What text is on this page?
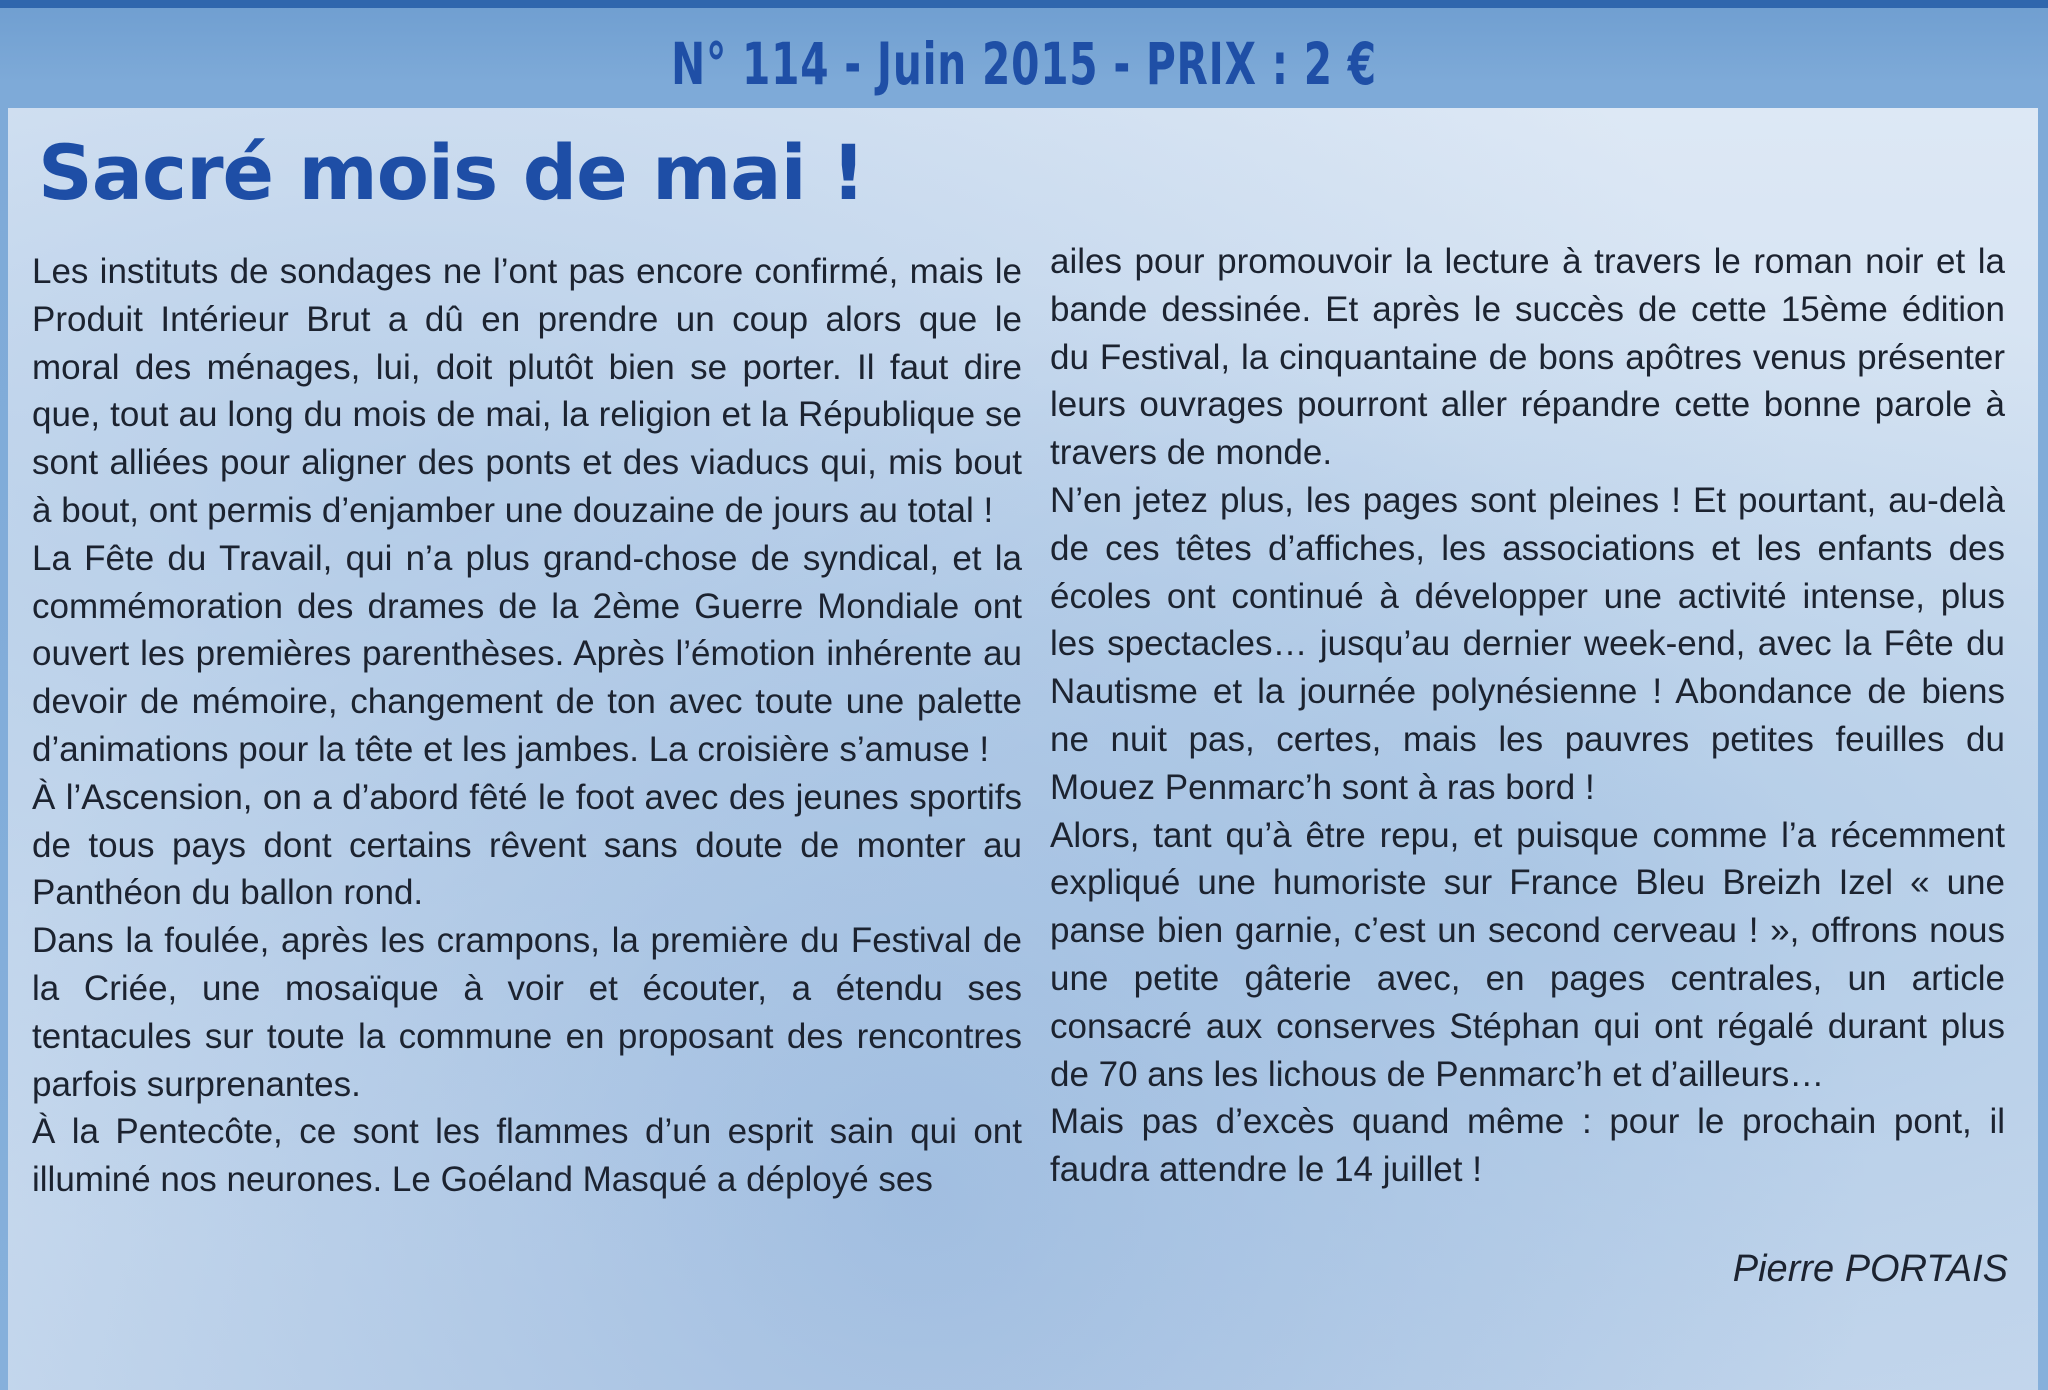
N° 114 - Juin 2015 - PRIX : 2 €
Sacré mois de mai !

Les instituts de sondages ne l’ont pas encore confirmé, mais le Produit Intérieur Brut a dû en prendre un coup alors que le moral des ménages, lui, doit plutôt bien se porter. Il faut dire que, tout au long du mois de mai, la religion et la République se sont alliées pour aligner des ponts et des viaducs qui, mis bout à bout, ont permis d’enjamber une douzaine de jours au total !

La Fête du Travail, qui n’a plus grand-chose de syndical, et la commémoration des drames de la 2ème Guerre Mondiale ont ouvert les premières parenthèses. Après l’émotion inhérente au devoir de mémoire, changement de ton avec toute une palette d’animations pour la tête et les jambes. La croisière s’amuse !

À l’Ascension, on a d’abord fêté le foot avec des jeunes sportifs de tous pays dont certains rêvent sans doute de monter au Panthéon du ballon rond.

Dans la foulée, après les crampons, la première du Festival de la Criée, une mosaïque à voir et écouter, a étendu ses tentacules sur toute la commune en proposant des rencontres parfois surprenantes.

À la Pentecôte, ce sont les flammes d’un esprit sain qui ont illuminé nos neurones. Le Goéland Masqué a déployé ses

ailes pour promouvoir la lecture à travers le roman noir et la bande dessinée. Et après le succès de cette 15ème édition du Festival, la cinquantaine de bons apôtres venus présenter leurs ouvrages pourront aller répandre cette bonne parole à travers de monde.

N’en jetez plus, les pages sont pleines ! Et pourtant, au-delà de ces têtes d’affiches, les associations et les enfants des écoles ont continué à développer une activité intense, plus les spectacles… jusqu’au dernier week-end, avec la Fête du Nautisme et la journée polynésienne ! Abondance de biens ne nuit pas, certes, mais les pauvres petites feuilles du Mouez Penmarc’h sont à ras bord !

Alors, tant qu’à être repu, et puisque comme l’a récemment expliqué une humoriste sur France Bleu Breizh Izel « une panse bien garnie, c’est un second cerveau ! », offrons nous une petite gâterie avec, en pages centrales, un article consacré aux conserves Stéphan qui ont régalé durant plus de 70 ans les lichous de Penmarc’h et d’ailleurs…

Mais pas d’excès quand même : pour le prochain pont, il faudra attendre le 14 juillet !

Pierre PORTAIS
